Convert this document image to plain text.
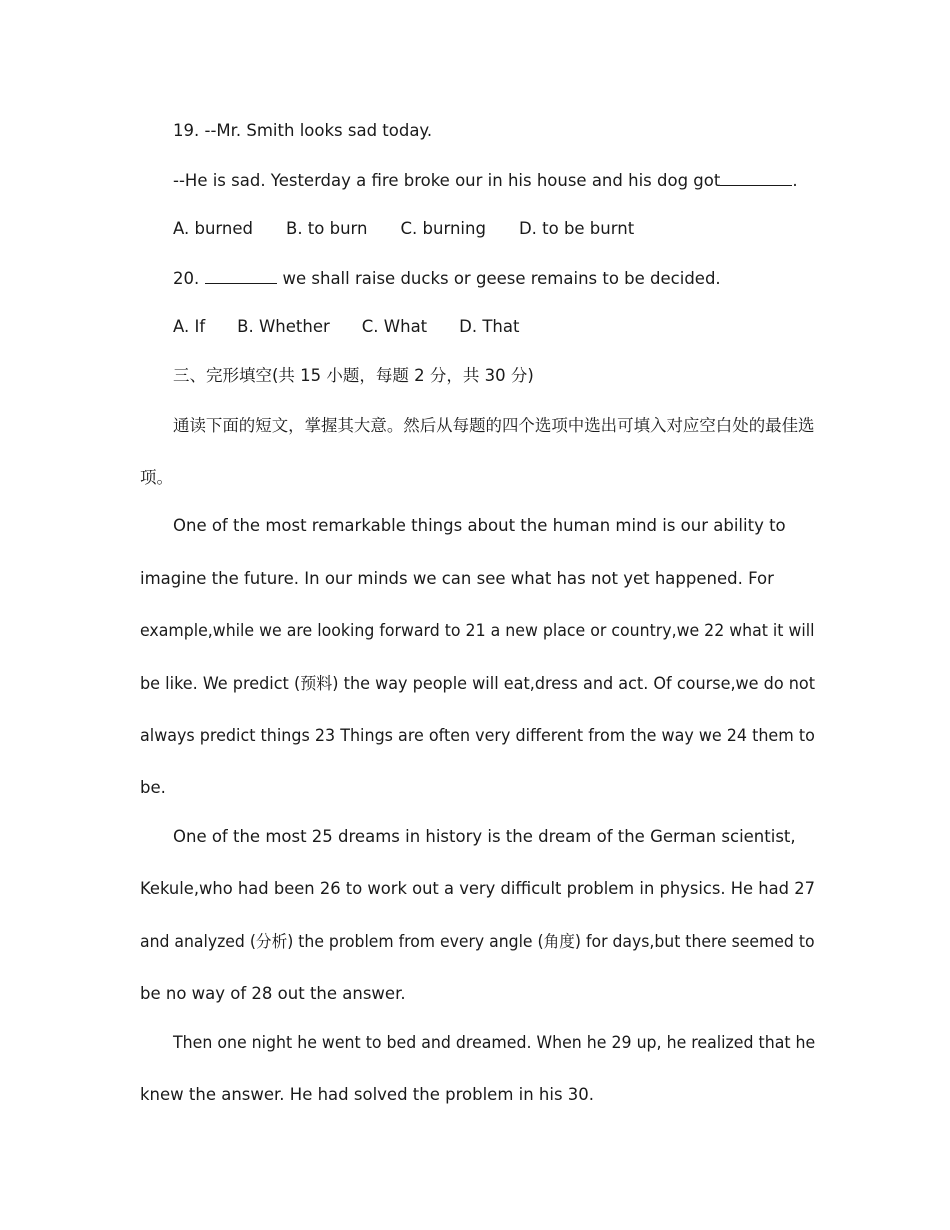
19. --Mr. Smith looks sad today.
--He is sad. Yesterday a fire broke our in his house and his dog got	.
A. burned B. to burn C. burning D. to be burnt
20.	we shall raise ducks or geese remains to be decided.
A. If B. Whether C. What D. That
三、完形填空(共 15 小题，每题 2 分，共 30 分)
通读下面的短文，掌握其大意。然后从每题的四个选项中选出可填入对应空白处的最佳选
项。
One of the most remarkable things about the human mind is our ability to
imagine the future. In our minds we can see what has not yet happened. For
example,while we are looking forward to 21 a new place or country,we 22 what it will
be like. We predict (预料) the way people will eat,dress and act. Of course,we do not
always predict things 23 Things are often very different from the way we 24 them to
be.
One of the most 25 dreams in history is the dream of the German scientist,
Kekule,who had been 26 to work out a very difficult problem in physics. He had 27
and analyzed (分析) the problem from every angle (角度) for days,but there seemed to
be no way of 28 out the answer.
Then one night he went to bed and dreamed. When he 29 up, he realized that he
knew the answer. He had solved the problem in his 30.
